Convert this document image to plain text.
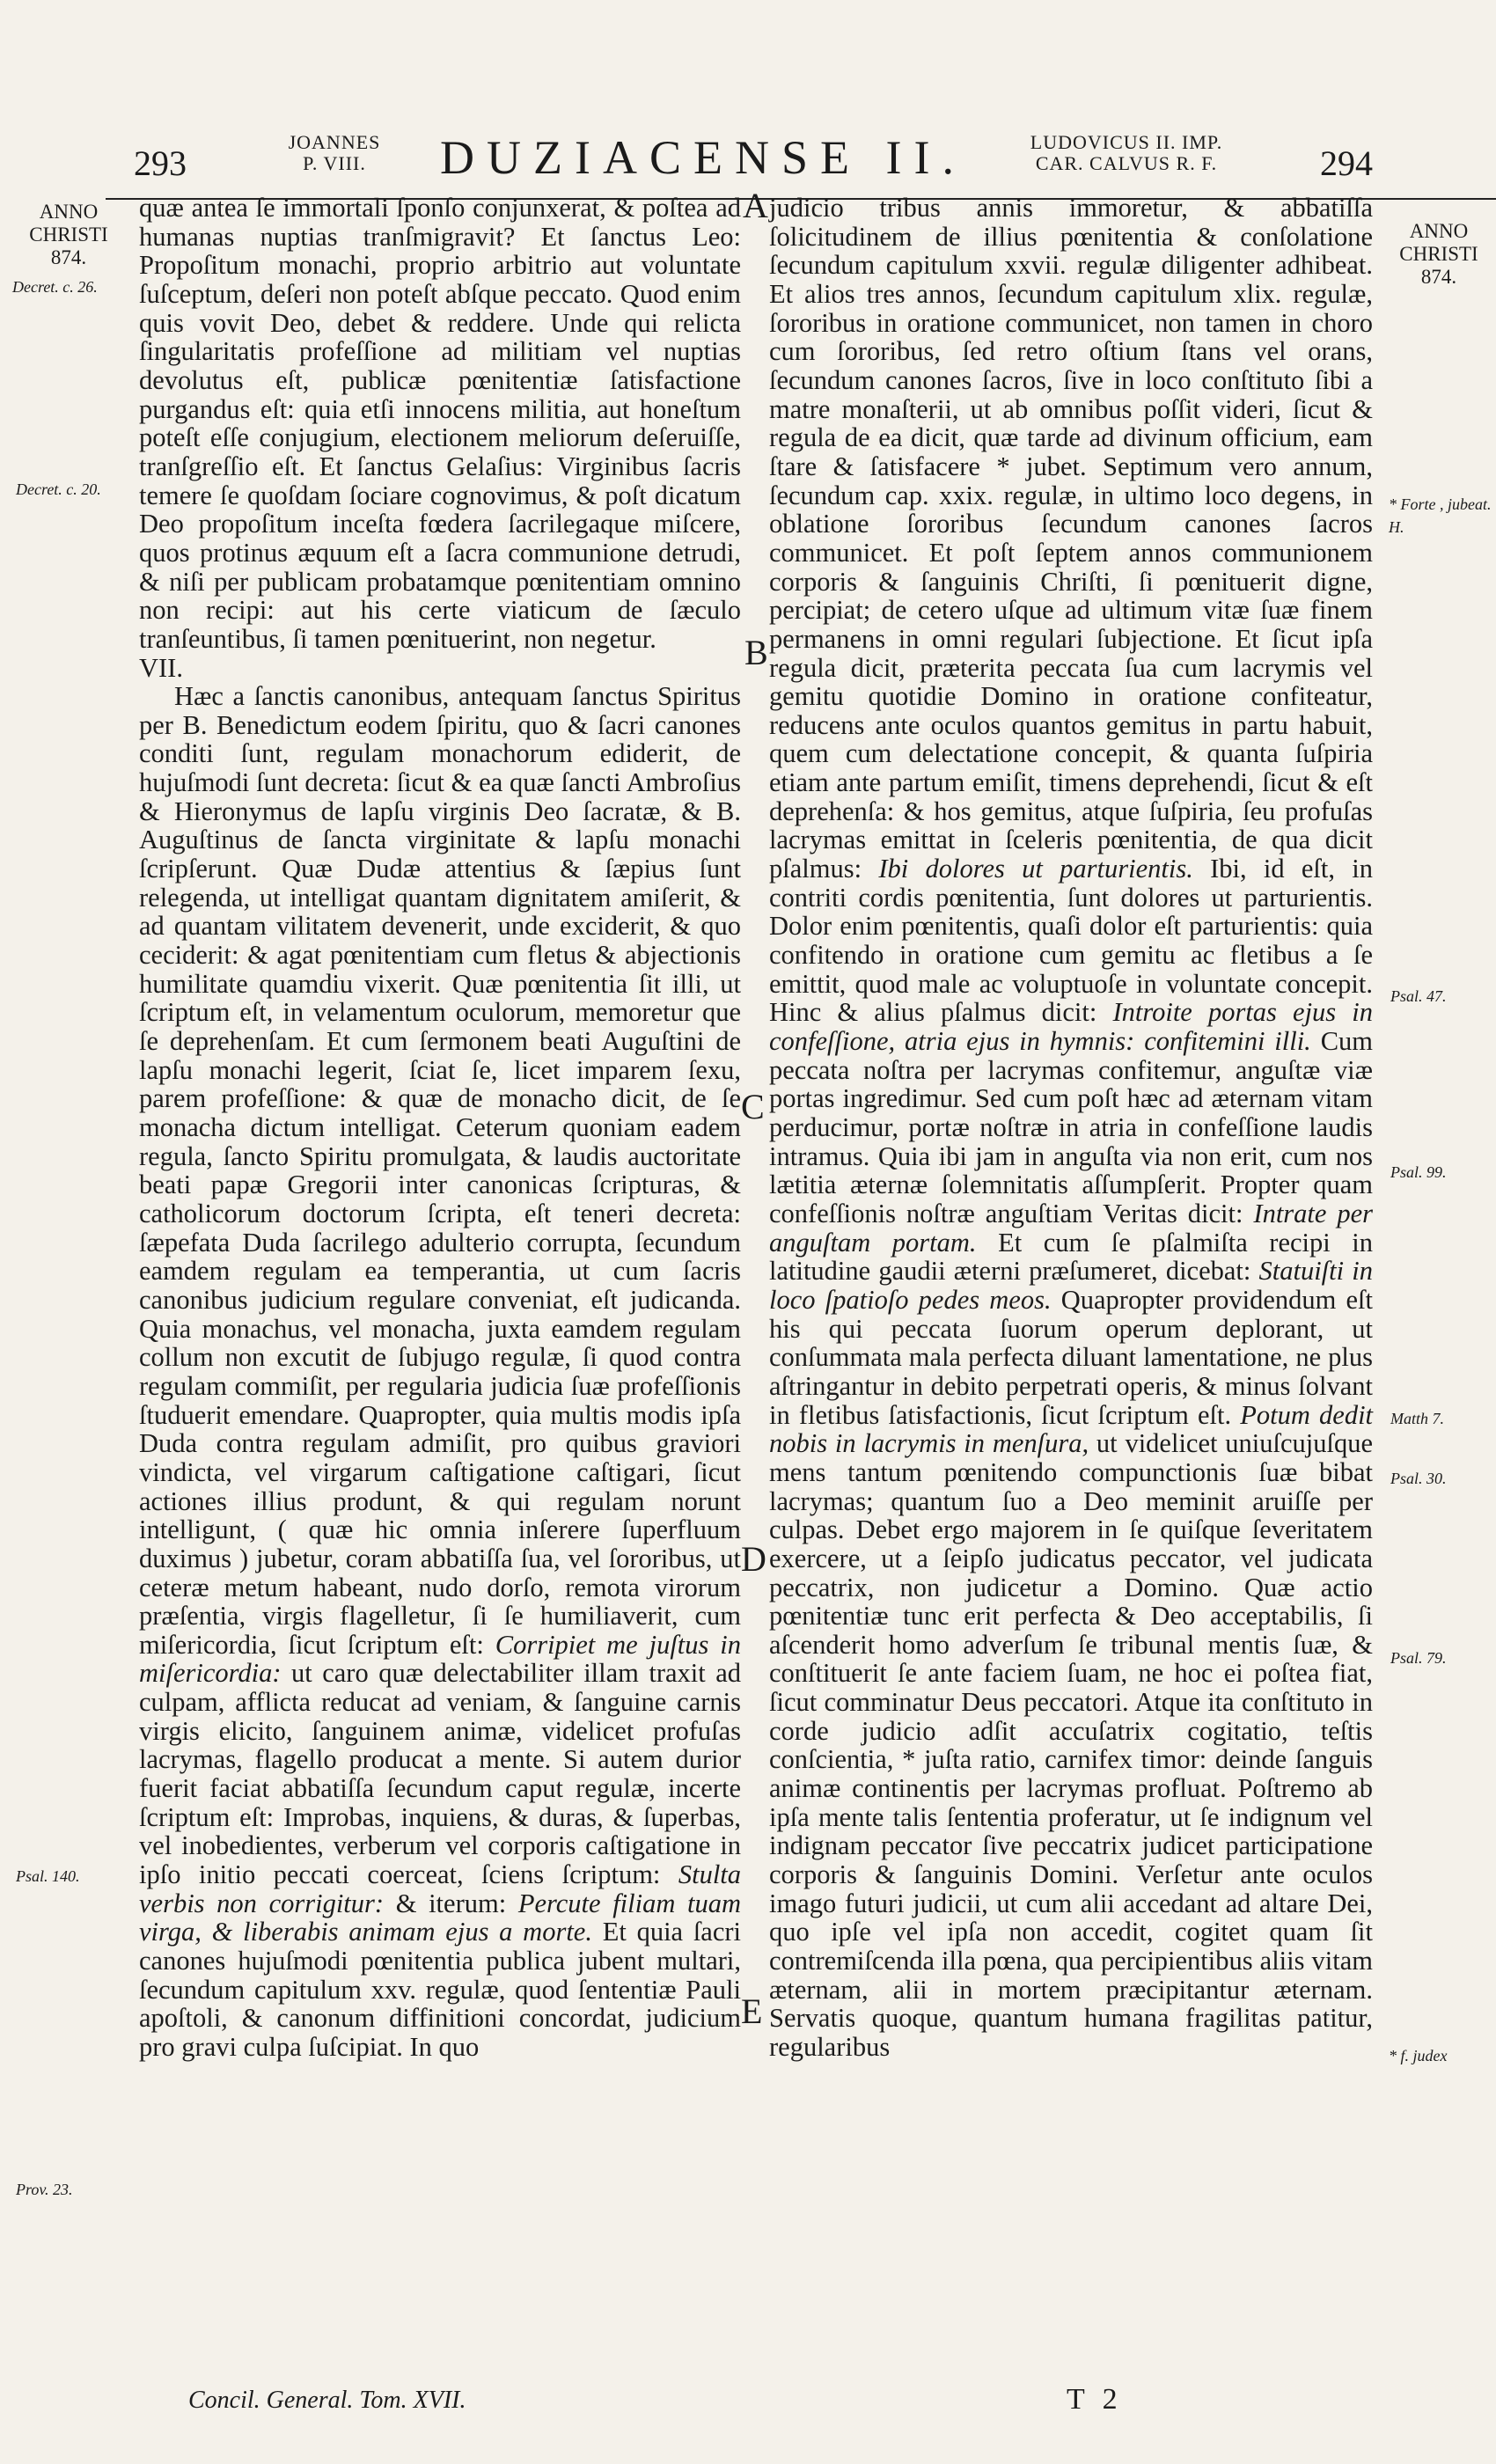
293
JOANNES
P. VIII.	DUZIACENSE II.	LUDOVICUS II. IMP.
CAR. CALVUS R. F.	294
ANNO
CHRISTI
874.
Decret. c. 26.
Decret. c. 20.
Psal. 140.
Prov. 23.
ANNO
CHRISTI
874.
* Forte , jubeat. H.
Psal. 47.
Psal. 99.
Matth 7.
Psal. 30.
Psal. 79.
* f. judex
A
B
C
D
E

quæ antea ſe immortali ſponſo conjunxerat, & poſtea ad humanas nuptias tranſmigravit? Et ſanctus Leo: Propoſitum monachi, proprio arbitrio aut voluntate ſuſceptum, deſeri non poteſt abſque peccato. Quod enim quis vovit Deo, debet & reddere. Unde qui relicta ſingularitatis profeſſione ad militiam vel nuptias devolutus eſt, publicæ pœnitentiæ ſatisfactione purgandus eſt: quia etſi innocens militia, aut honeſtum poteſt eſſe conjugium, electionem meliorum deſeruiſſe, tranſgreſſio eſt. Et ſanctus Gelaſius: Virginibus ſacris temere ſe quoſdam ſociare cognovimus, & poſt dicatum Deo propoſitum inceſta fœdera ſacrilegaque miſcere, quos protinus æquum eſt a ſacra communione detrudi, & niſi per publicam probatamque pœnitentiam omnino non recipi: aut his certe viaticum de ſæculo tranſeuntibus, ſi tamen pœnituerint, non negetur.

VII.

Hæc a ſanctis canonibus, antequam ſanctus Spiritus per B. Benedictum eodem ſpiritu, quo & ſacri canones conditi ſunt, regulam monachorum ediderit, de hujuſmodi ſunt decreta: ſicut & ea quæ ſancti Ambroſius & Hieronymus de lapſu virginis Deo ſacratæ, & B. Auguſtinus de ſancta virginitate & lapſu monachi ſcripſerunt. Quæ Dudæ attentius & ſæpius ſunt relegenda, ut intelligat quantam dignitatem amiſerit, & ad quantam vilitatem devenerit, unde exciderit, & quo ceciderit: & agat pœnitentiam cum fletus & abjectionis humilitate quamdiu vixerit. Quæ pœnitentia ſit illi, ut ſcriptum eſt, in velamentum oculorum, memoretur que ſe deprehenſam. Et cum ſermonem beati Auguſtini de lapſu monachi legerit, ſciat ſe, licet imparem ſexu, parem profeſſione: & quæ de monacho dicit, de ſe monacha dictum intelligat. Ceterum quoniam eadem regula, ſancto Spiritu promulgata, & laudis auctoritate beati papæ Gregorii inter canonicas ſcripturas, & catholicorum doctorum ſcripta, eſt teneri decreta: ſæpefata Duda ſacrilego adulterio corrupta, ſecundum eamdem regulam ea temperantia, ut cum ſacris canonibus judicium regulare conveniat, eſt judicanda. Quia monachus, vel monacha, juxta eamdem regulam collum non excutit de ſubjugo regulæ, ſi quod contra regulam commiſit, per regularia judicia ſuæ profeſſionis ſtuduerit emendare. Quapropter, quia multis modis ipſa Duda contra regulam admiſit, pro quibus graviori vindicta, vel virgarum caſtigatione caſtigari, ſicut actiones illius produnt, & qui regulam norunt intelligunt, ( quæ hic omnia inſerere ſuperfluum duximus ) jubetur, coram abbatiſſa ſua, vel ſororibus, ut ceteræ metum habeant, nudo dorſo, remota virorum præſentia, virgis flagelletur, ſi ſe humiliaverit, cum miſericordia, ſicut ſcriptum eſt: Corripiet me juſtus in miſericordia: ut caro quæ delectabiliter illam traxit ad culpam, afflicta reducat ad veniam, & ſanguine carnis virgis elicito, ſanguinem animæ, videlicet profuſas lacrymas, flagello producat a mente. Si autem durior fuerit faciat abbatiſſa ſecundum caput regulæ, incerte ſcriptum eſt: Improbas, inquiens, & duras, & ſuperbas, vel inobedientes, verberum vel corporis caſtigatione in ipſo initio peccati coerceat, ſciens ſcriptum: Stulta verbis non corrigitur: & iterum: Percute filiam tuam virga, & liberabis animam ejus a morte. Et quia ſacri canones hujuſmodi pœnitentia publica jubent multari, ſecundum capitulum xxv. regulæ, quod ſententiæ Pauli apoſtoli, & canonum diffinitioni concordat, judicium pro gravi culpa ſuſcipiat. In quo

judicio tribus annis immoretur, & abbatiſſa ſolicitudinem de illius pœnitentia & conſolatione ſecundum capitulum xxvii. regulæ diligenter adhibeat. Et alios tres annos, ſecundum capitulum xlix. regulæ, ſororibus in oratione communicet, non tamen in choro cum ſororibus, ſed retro oſtium ſtans vel orans, ſecundum canones ſacros, ſive in loco conſtituto ſibi a matre monaſterii, ut ab omnibus poſſit videri, ſicut & regula de ea dicit, quæ tarde ad divinum officium, eam ſtare & ſatisfacere * jubet. Septimum vero annum, ſecundum cap. xxix. regulæ, in ultimo loco degens, in oblatione ſororibus ſecundum canones ſacros communicet. Et poſt ſeptem annos communionem corporis & ſanguinis Chriſti, ſi pœnituerit digne, percipiat; de cetero uſque ad ultimum vitæ ſuæ finem permanens in omni regulari ſubjectione. Et ſicut ipſa regula dicit, præterita peccata ſua cum lacrymis vel gemitu quotidie Domino in oratione confiteatur, reducens ante oculos quantos gemitus in partu habuit, quem cum delectatione concepit, & quanta ſuſpiria etiam ante partum emiſit, timens deprehendi, ſicut & eſt deprehenſa: & hos gemitus, atque ſuſpiria, ſeu profuſas lacrymas emittat in ſceleris pœnitentia, de qua dicit pſalmus: Ibi dolores ut parturientis. Ibi, id eſt, in contriti cordis pœnitentia, ſunt dolores ut parturientis. Dolor enim pœnitentis, quaſi dolor eſt parturientis: quia confitendo in oratione cum gemitu ac fletibus a ſe emittit, quod male ac voluptuoſe in voluntate concepit. Hinc & alius pſalmus dicit: Introite portas ejus in confeſſione, atria ejus in hymnis: confitemini illi. Cum peccata noſtra per lacrymas confitemur, anguſtæ viæ portas ingredimur. Sed cum poſt hæc ad æternam vitam perducimur, portæ noſtræ in atria in confeſſione laudis intramus. Quia ibi jam in anguſta via non erit, cum nos lætitia æternæ ſolemnitatis aſſumpſerit. Propter quam confeſſionis noſtræ anguſtiam Veritas dicit: Intrate per anguſtam portam. Et cum ſe pſalmiſta recipi in latitudine gaudii æterni præſumeret, dicebat: Statuiſti in loco ſpatioſo pedes meos. Quapropter providendum eſt his qui peccata ſuorum operum deplorant, ut conſummata mala perfecta diluant lamentatione, ne plus aſtringantur in debito perpetrati operis, & minus ſolvant in fletibus ſatisfactionis, ſicut ſcriptum eſt. Potum dedit nobis in lacrymis in menſura, ut videlicet uniuſcujuſque mens tantum pœnitendo compunctionis ſuæ bibat lacrymas; quantum ſuo a Deo meminit aruiſſe per culpas. Debet ergo majorem in ſe quiſque ſeveritatem exercere, ut a ſeipſo judicatus peccator, vel judicata peccatrix, non judicetur a Domino. Quæ actio pœnitentiæ tunc erit perfecta & Deo acceptabilis, ſi aſcenderit homo adverſum ſe tribunal mentis ſuæ, & conſtituerit ſe ante faciem ſuam, ne hoc ei poſtea fiat, ſicut comminatur Deus peccatori. Atque ita conſtituto in corde judicio adſit accuſatrix cogitatio, teſtis conſcientia, * juſta ratio, carnifex timor: deinde ſanguis animæ continentis per lacrymas profluat. Poſtremo ab ipſa mente talis ſententia proferatur, ut ſe indignum vel indignam peccator ſive peccatrix judicet participatione corporis & ſanguinis Domini. Verſetur ante oculos imago futuri judicii, ut cum alii accedant ad altare Dei, quo ipſe vel ipſa non accedit, cogitet quam ſit contremiſcenda illa pœna, qua percipientibus aliis vitam æternam, alii in mortem præcipitantur æternam. Servatis quoque, quantum humana fragilitas patitur, regularibus

Concil. General. Tom. XVII.	T 2
